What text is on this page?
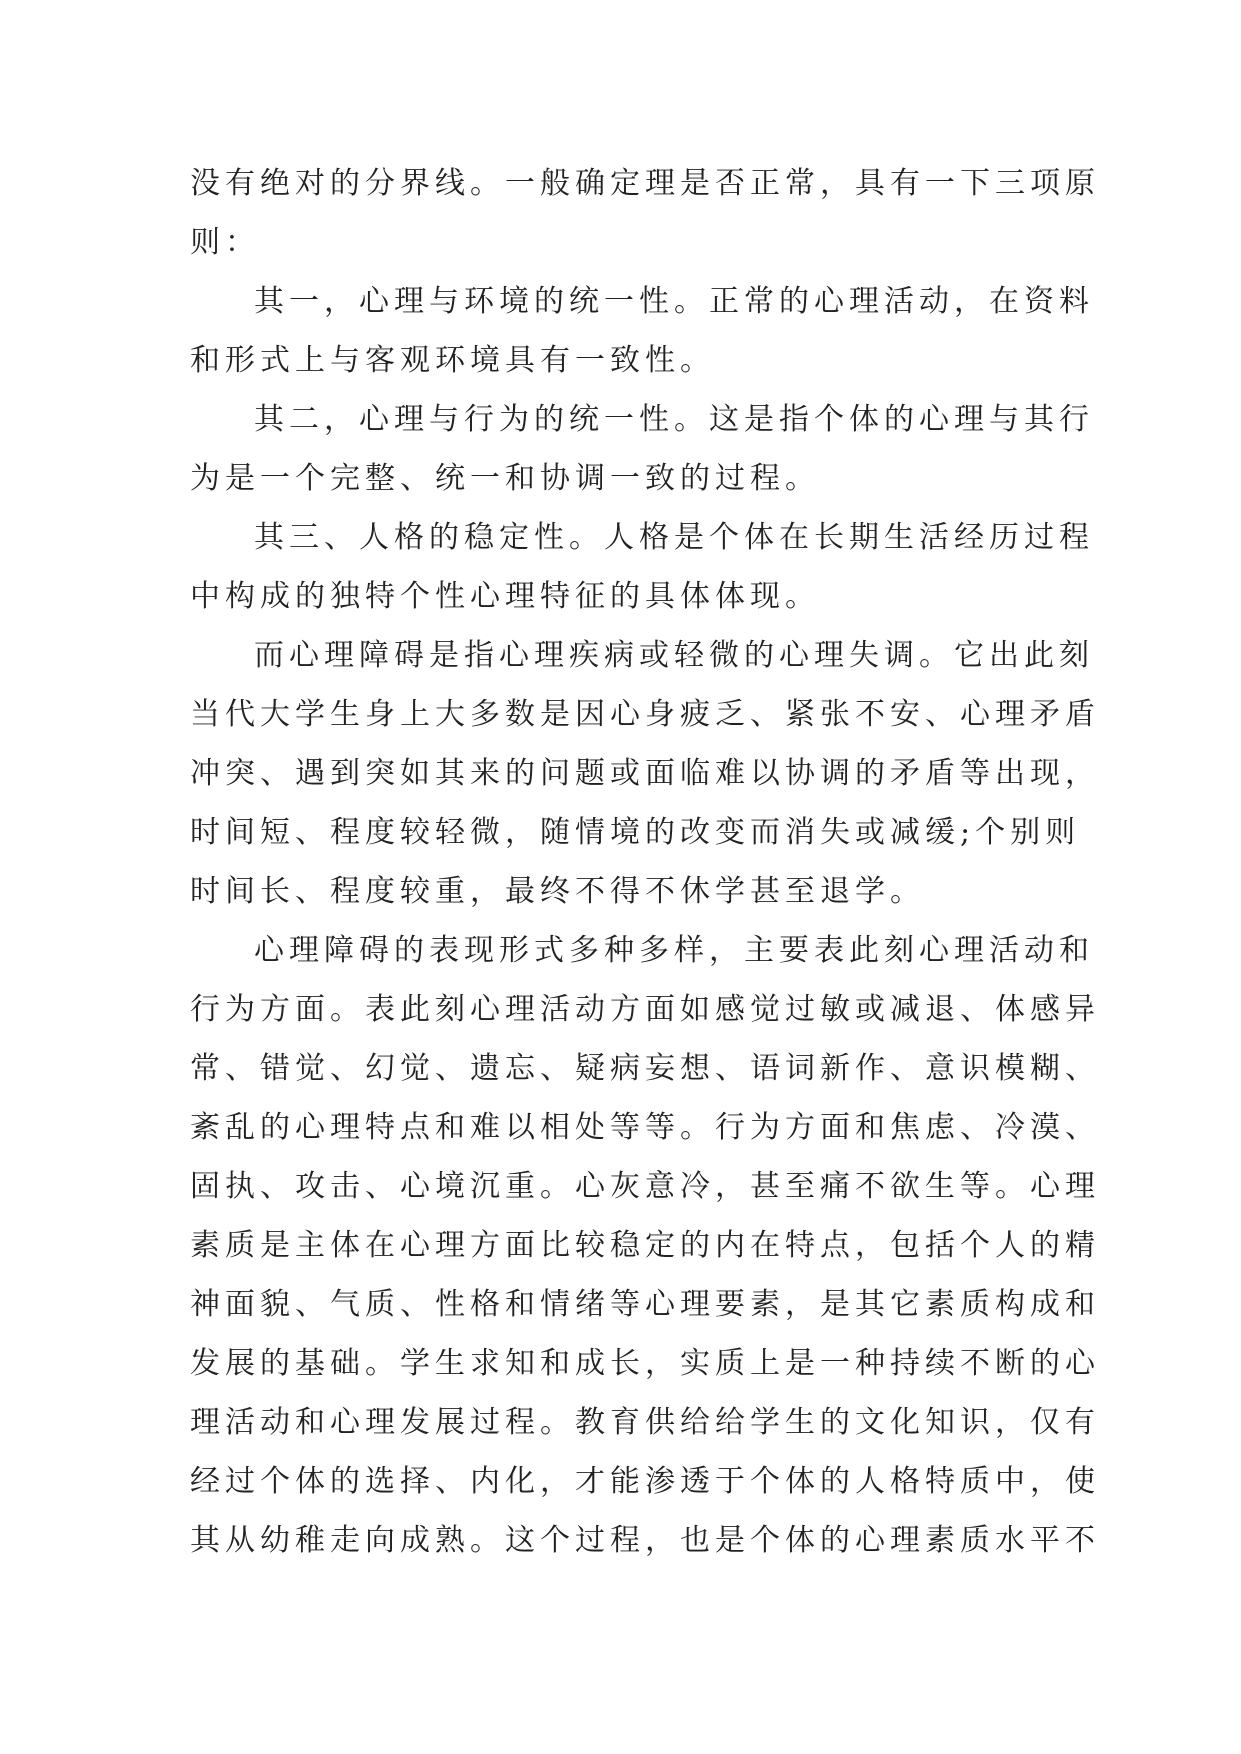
没有绝对的分界线。一般确定理是否正常，具有一下三项原
则：
其一，心理与环境的统一性。正常的心理活动，在资料
和形式上与客观环境具有一致性。
其二，心理与行为的统一性。这是指个体的心理与其行
为是一个完整、统一和协调一致的过程。
其三、人格的稳定性。人格是个体在长期生活经历过程
中构成的独特个性心理特征的具体体现。
而心理障碍是指心理疾病或轻微的心理失调。它出此刻
当代大学生身上大多数是因心身疲乏、紧张不安、心理矛盾
冲突、遇到突如其来的问题或面临难以协调的矛盾等出现，
时间短、程度较轻微，随情境的改变而消失或减缓;个别则
时间长、程度较重，最终不得不休学甚至退学。
心理障碍的表现形式多种多样，主要表此刻心理活动和
行为方面。表此刻心理活动方面如感觉过敏或减退、体感异
常、错觉、幻觉、遗忘、疑病妄想、语词新作、意识模糊、
紊乱的心理特点和难以相处等等。行为方面和焦虑、冷漠、
固执、攻击、心境沉重。心灰意冷，甚至痛不欲生等。心理
素质是主体在心理方面比较稳定的内在特点，包括个人的精
神面貌、气质、性格和情绪等心理要素，是其它素质构成和
发展的基础。学生求知和成长，实质上是一种持续不断的心
理活动和心理发展过程。教育供给给学生的文化知识，仅有
经过个体的选择、内化，才能渗透于个体的人格特质中，使
其从幼稚走向成熟。这个过程，也是个体的心理素质水平不
